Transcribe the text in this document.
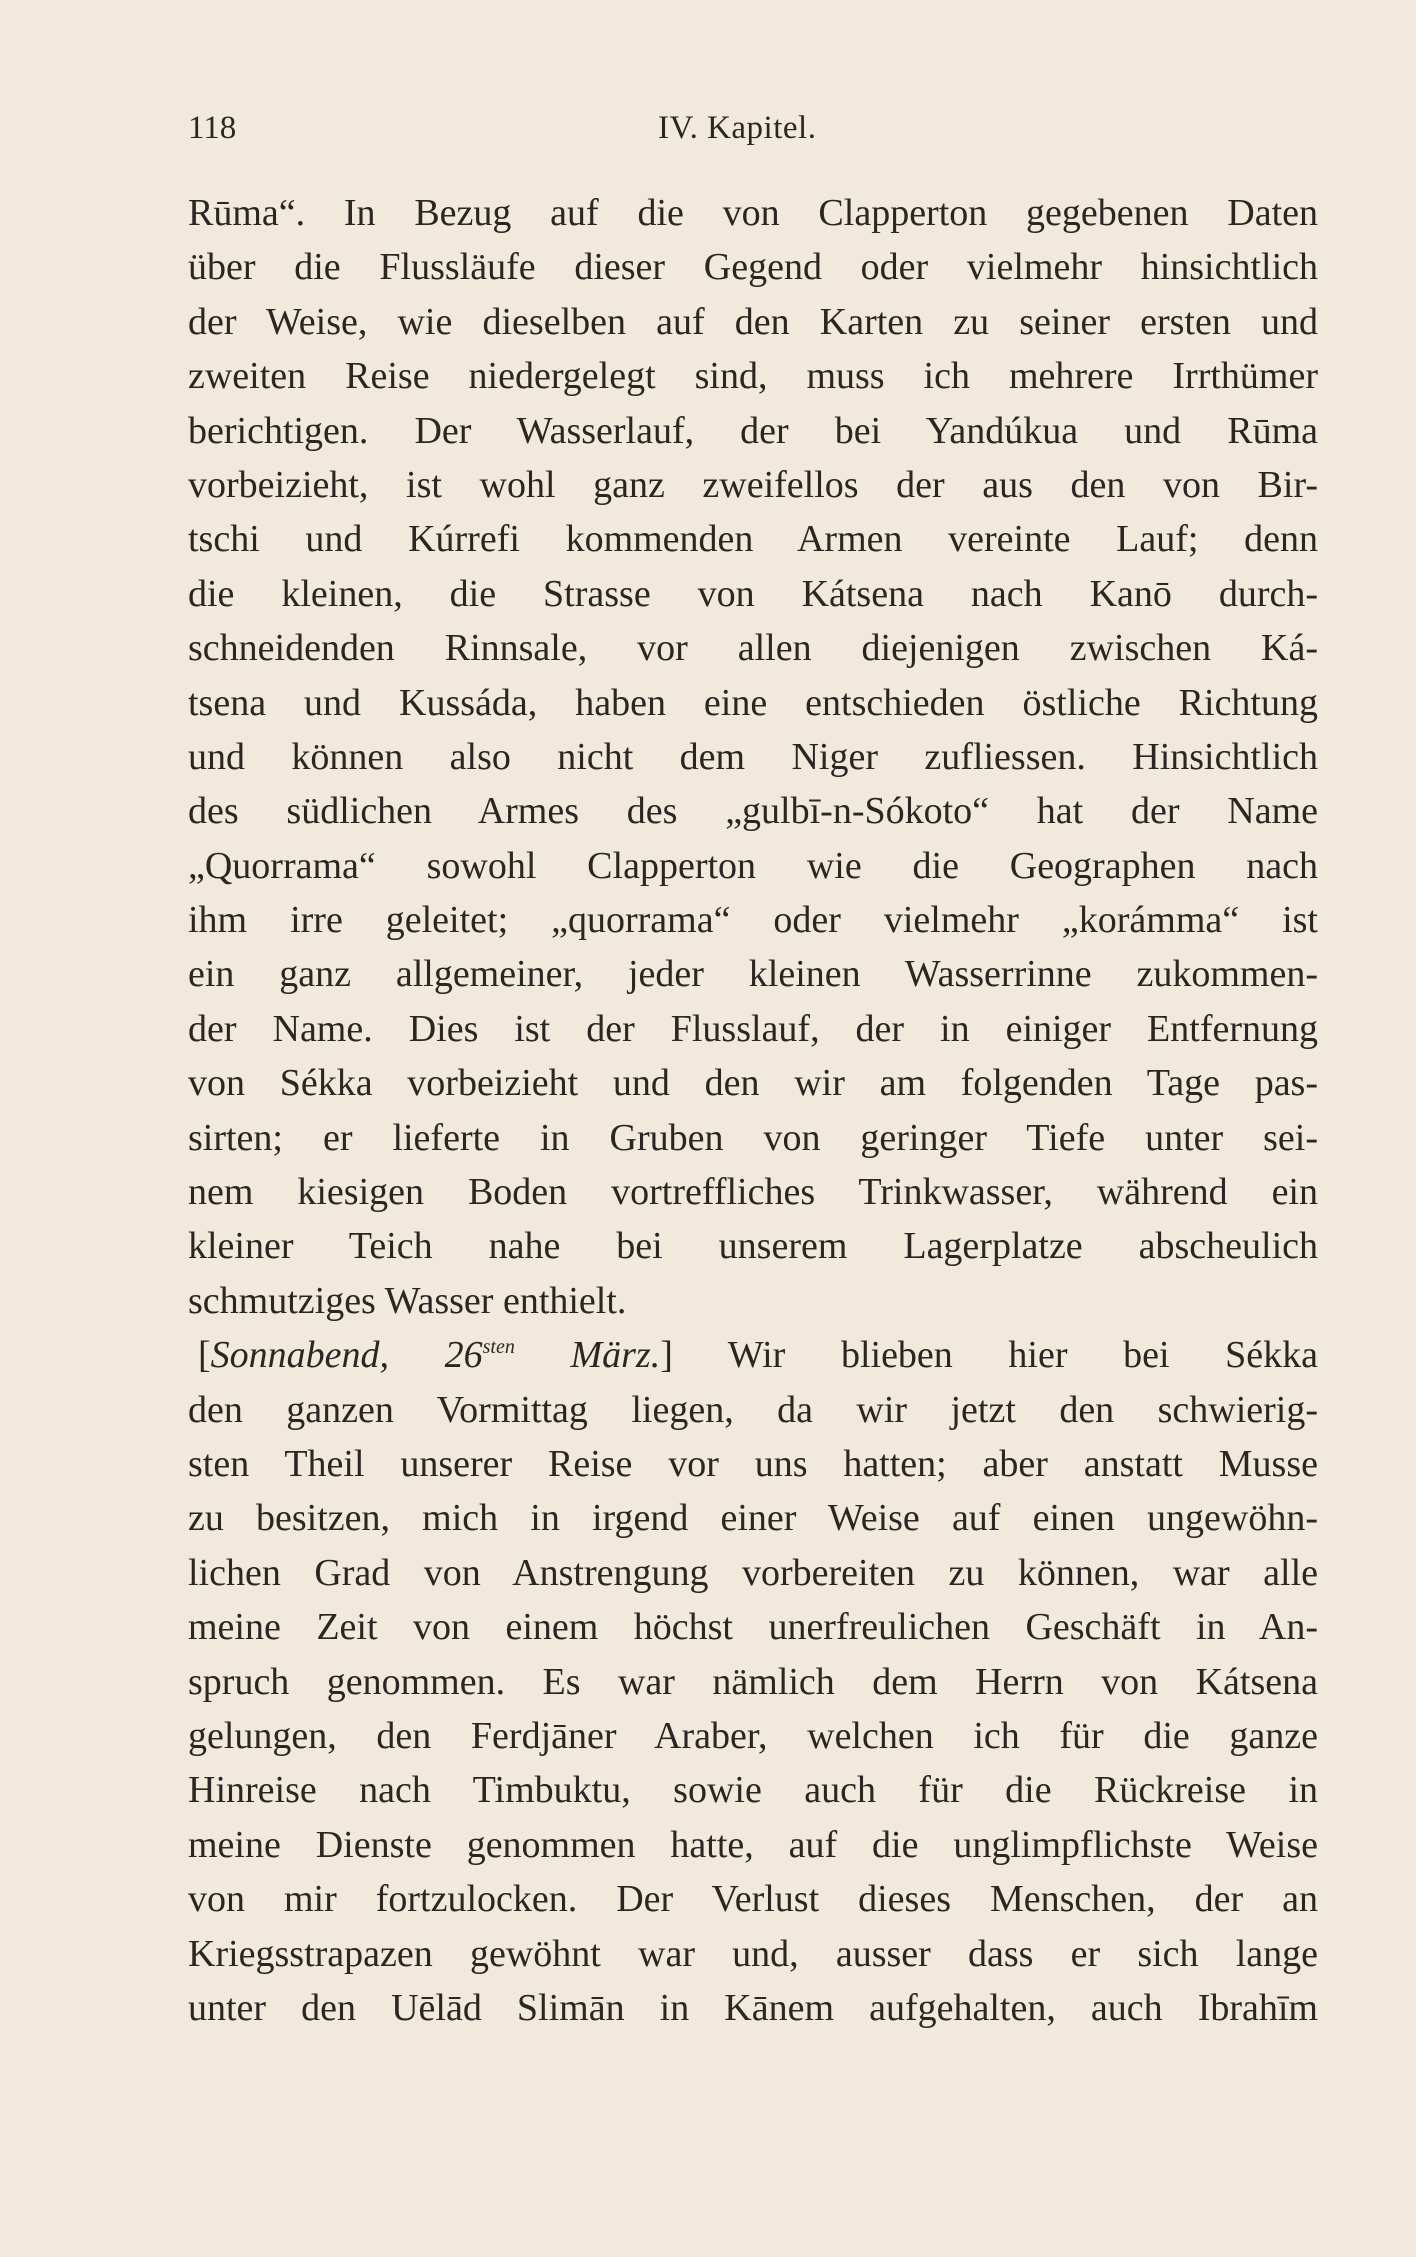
118	IV. Kapitel.
Rūma“. In Bezug auf die von Clapperton gegebenen Daten
über die Flussläufe dieser Gegend oder vielmehr hinsichtlich
der Weise, wie dieselben auf den Karten zu seiner ersten und
zweiten Reise niedergelegt sind, muss ich mehrere Irrthümer
berichtigen. Der Wasserlauf, der bei Yandúkua und Rūma
vorbeizieht, ist wohl ganz zweifellos der aus den von Bir-
tschi und Kúrrefi kommenden Armen vereinte Lauf; denn
die kleinen, die Strasse von Kátsena nach Kanō durch-
schneidenden Rinnsale, vor allen diejenigen zwischen Ká-
tsena und Kussáda, haben eine entschieden östliche Richtung
und können also nicht dem Niger zufliessen. Hinsichtlich
des südlichen Armes des „gulbī-n-Sókoto“ hat der Name
„Quorrama“ sowohl Clapperton wie die Geographen nach
ihm irre geleitet; „quorrama“ oder vielmehr „korámma“ ist
ein ganz allgemeiner, jeder kleinen Wasserrinne zukommen-
der Name. Dies ist der Flusslauf, der in einiger Entfernung
von Sékka vorbeizieht und den wir am folgenden Tage pas-
sirten; er lieferte in Gruben von geringer Tiefe unter sei-
nem kiesigen Boden vortreffliches Trinkwasser, während ein
kleiner Teich nahe bei unserem Lagerplatze abscheulich
schmutziges Wasser enthielt.
[Sonnabend, $26^{sten}$ März.] Wir blieben hier bei Sékka
den ganzen Vormittag liegen, da wir jetzt den schwierig-
sten Theil unserer Reise vor uns hatten; aber anstatt Musse
zu besitzen, mich in irgend einer Weise auf einen ungewöhn-
lichen Grad von Anstrengung vorbereiten zu können, war alle
meine Zeit von einem höchst unerfreulichen Geschäft in An-
spruch genommen. Es war nämlich dem Herrn von Kátsena
gelungen, den Ferdjāner Araber, welchen ich für die ganze
Hinreise nach Timbuktu, sowie auch für die Rückreise in
meine Dienste genommen hatte, auf die unglimpflichste Weise
von mir fortzulocken. Der Verlust dieses Menschen, der an
Kriegsstrapazen gewöhnt war und, ausser dass er sich lange
unter den Uēlād Slimān in Kānem aufgehalten, auch Ibrahīm
